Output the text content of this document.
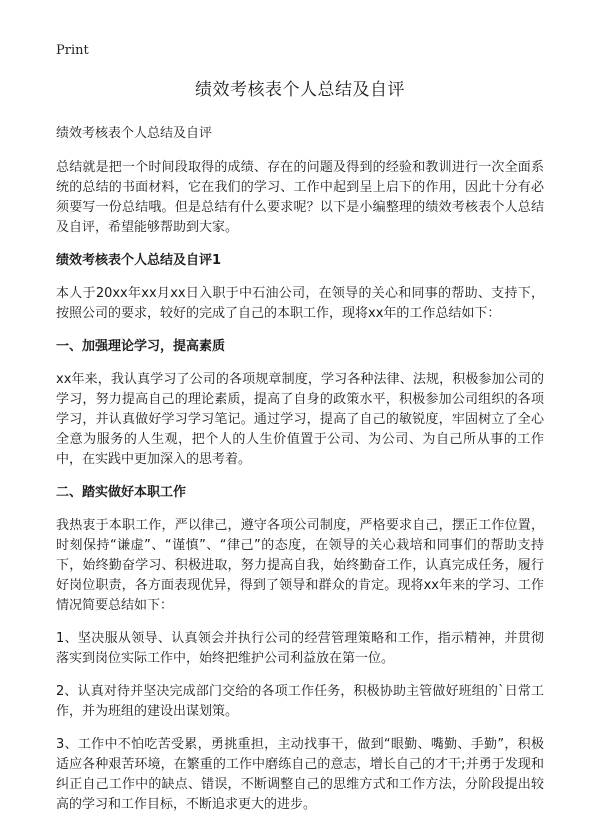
Print
绩效考核表个人总结及自评
绩效考核表个人总结及自评

总结就是把一个时间段取得的成绩、存在的问题及得到的经验和教训进行一次全面系统的总结的书面材料，它在我们的学习、工作中起到呈上启下的作用，因此十分有必须要写一份总结哦。但是总结有什么要求呢？以下是小编整理的绩效考核表个人总结及自评，希望能够帮助到大家。

绩效考核表个人总结及自评1

本人于20xx年xx月xx日入职于中石油公司，在领导的关心和同事的帮助、支持下，按照公司的要求，较好的完成了自己的本职工作，现将xx年的工作总结如下：

一、加强理论学习，提高素质

xx年来，我认真学习了公司的各项规章制度，学习各种法律、法规，积极参加公司的学习，努力提高自己的理论素质，提高了自身的政策水平，积极参加公司组织的各项学习，并认真做好学习学习笔记。通过学习，提高了自己的敏锐度，牢固树立了全心全意为服务的人生观，把个人的人生价值置于公司、为公司、为自己所从事的工作中，在实践中更加深入的思考着。

二、踏实做好本职工作

我热衷于本职工作，严以律己，遵守各项公司制度，严格要求自己，摆正工作位置，时刻保持“谦虚”、“谨慎”、“律己”的态度，在领导的关心栽培和同事们的帮助支持下，始终勤奋学习、积极进取，努力提高自我，始终勤奋工作，认真完成任务，履行好岗位职责，各方面表现优异，得到了领导和群众的肯定。现将xx年来的学习、工作情况简要总结如下：

1、坚决服从领导、认真领会并执行公司的经营管理策略和工作，指示精神，并贯彻落实到岗位实际工作中，始终把维护公司利益放在第一位。

2、认真对待并坚决完成部门交给的各项工作任务，积极协助主管做好班组的`日常工作，并为班组的建设出谋划策。

3、工作中不怕吃苦受累，勇挑重担，主动找事干，做到“眼勤、嘴勤、手勤”，积极适应各种艰苦环境，在繁重的工作中磨练自己的意志，增长自己的才干;并勇于发现和纠正自己工作中的缺点、错误，不断调整自己的思维方式和工作方法，分阶段提出较高的学习和工作目标，不断追求更大的进步。
